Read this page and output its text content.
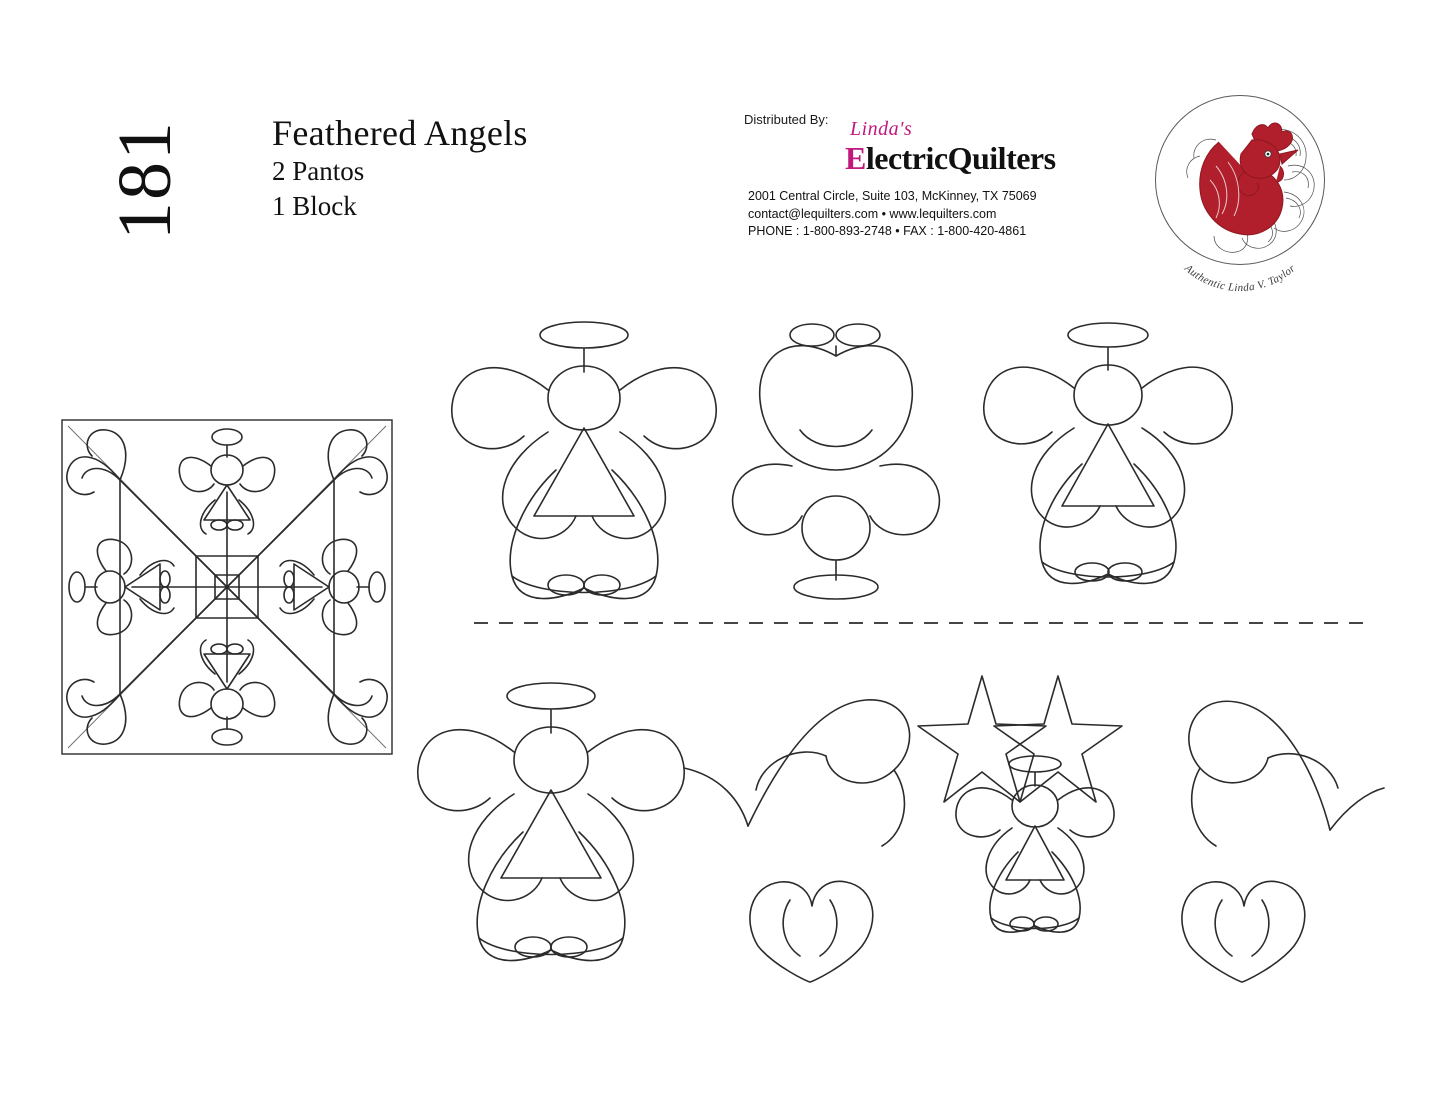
181	Feathered Angels
2 Pantos
1 Block
Distributed By:	Linda's
ElectricQuilters
2001 Central Circle, Suite 103, McKinney, TX 75069
contact@lequilters.com • www.lequilters.com
PHONE : 1-800-893-2748 • FAX : 1-800-420-4861
Authentic Linda V. Taylor
